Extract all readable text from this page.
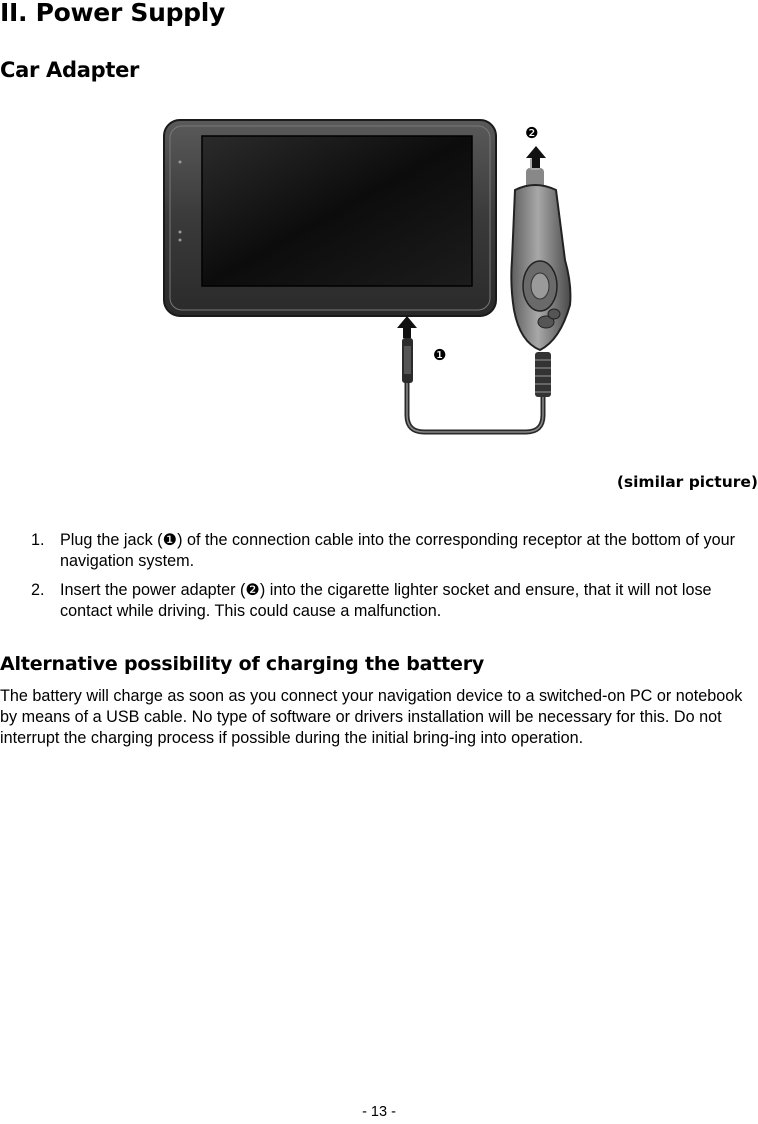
II. Power Supply
Car Adapter
❶
❷
(similar picture)
1. Plug the jack (❶) of the connection cable into the corresponding receptor at the bottom of your navigation system.
2. Insert the power adapter (❷) into the cigarette lighter socket and ensure, that it will not lose contact while driving. This could cause a malfunction.
Alternative possibility of charging the battery

The battery will charge as soon as you connect your navigation device to a switched-on PC or notebook by means of a USB cable. No type of software or drivers installation will be necessary for this. Do not interrupt the charging process if possible during the initial bring-ing into operation.

- 13 -
